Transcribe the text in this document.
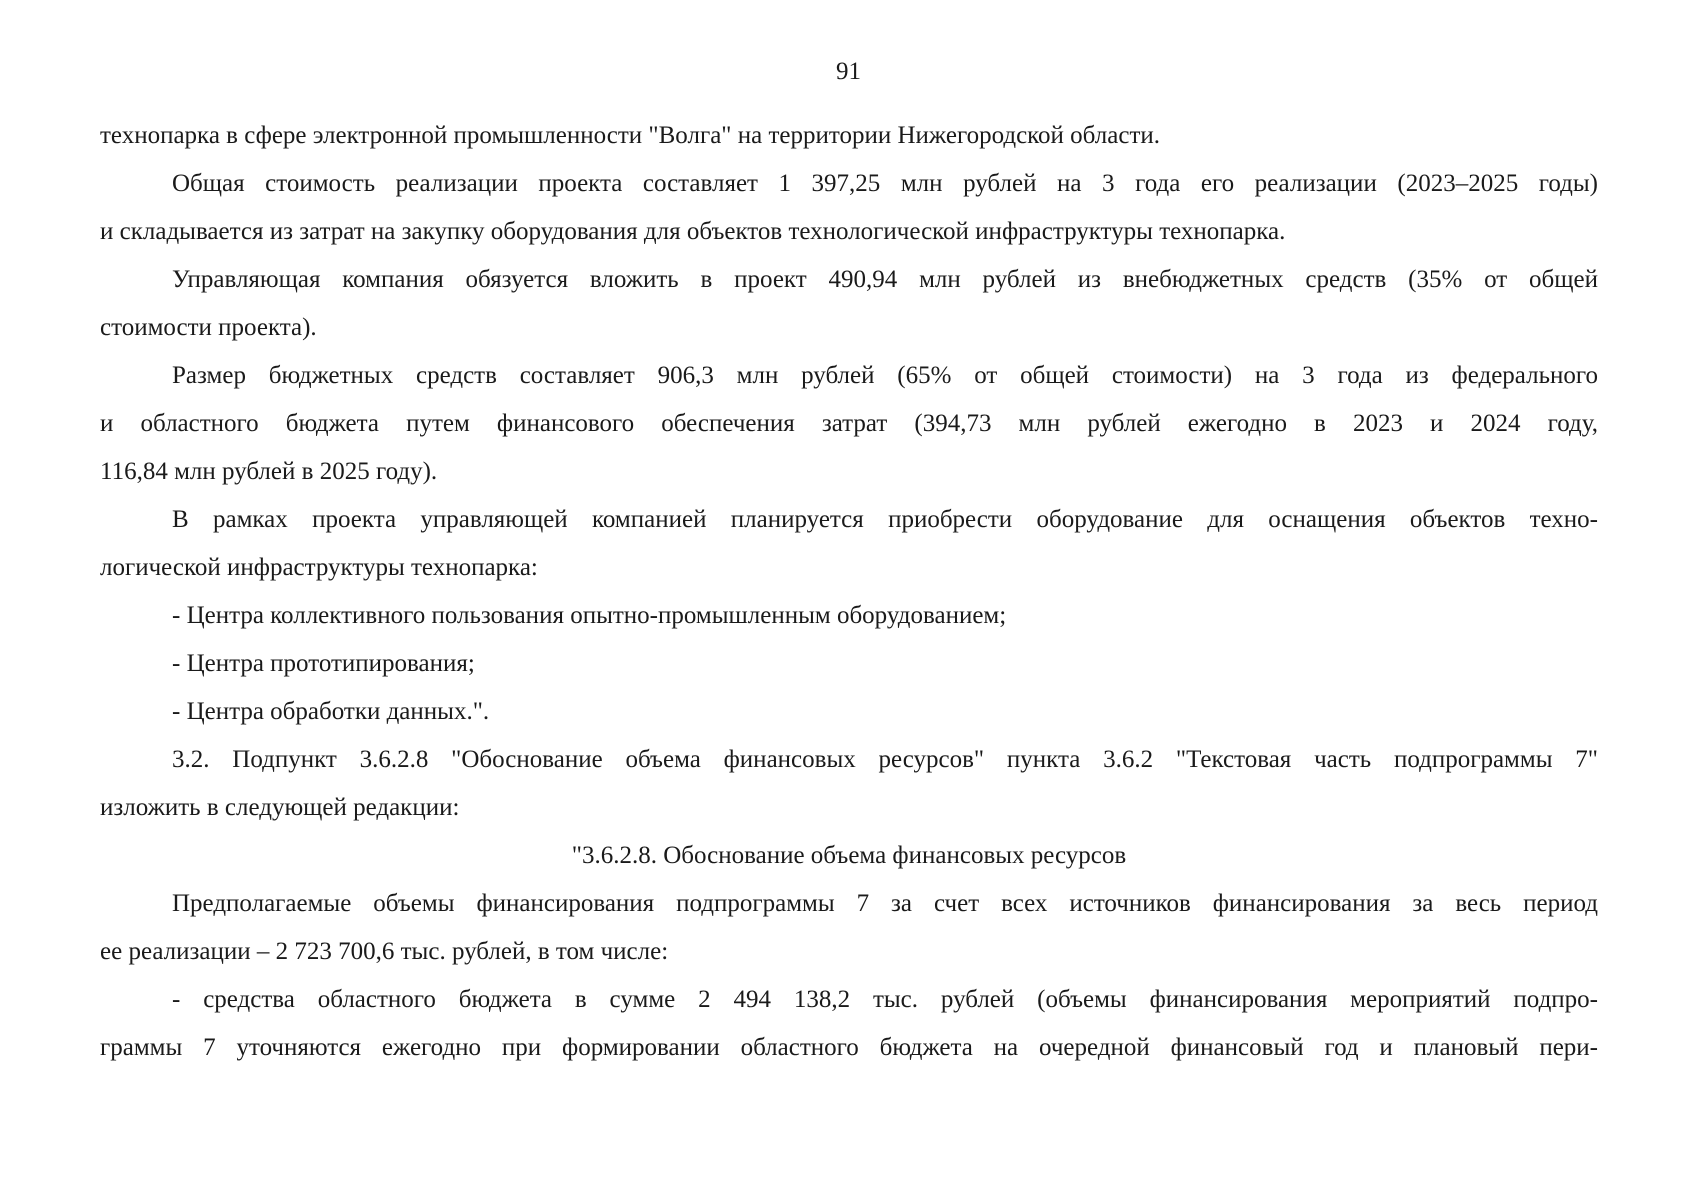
91
технопарка в сфере электронной промышленности "Волга" на территории Нижегородской области.
Общая стоимость реализации проекта составляет 1 397,25 млн рублей на 3 года его реализации (2023–2025 годы)
и складывается из затрат на закупку оборудования для объектов технологической инфраструктуры технопарка.
Управляющая компания обязуется вложить в проект 490,94 млн рублей из внебюджетных средств (35% от общей
стоимости проекта).
Размер бюджетных средств составляет 906,3 млн рублей (65% от общей стоимости) на 3 года из федерального
и областного бюджета путем финансового обеспечения затрат (394,73 млн рублей ежегодно в 2023 и 2024 году,
116,84 млн рублей в 2025 году).
В рамках проекта управляющей компанией планируется приобрести оборудование для оснащения объектов техно-
логической инфраструктуры технопарка:
- Центра коллективного пользования опытно-промышленным оборудованием;
- Центра прототипирования;
- Центра обработки данных.".
3.2. Подпункт 3.6.2.8 "Обоснование объема финансовых ресурсов" пункта 3.6.2 "Текстовая часть подпрограммы 7"
изложить в следующей редакции:
"3.6.2.8. Обоснование объема финансовых ресурсов
Предполагаемые объемы финансирования подпрограммы 7 за счет всех источников финансирования за весь период
ее реализации – 2 723 700,6 тыс. рублей, в том числе:
- средства областного бюджета в сумме 2 494 138,2 тыс. рублей (объемы финансирования мероприятий подпро-
граммы 7 уточняются ежегодно при формировании областного бюджета на очередной финансовый год и плановый пери-
